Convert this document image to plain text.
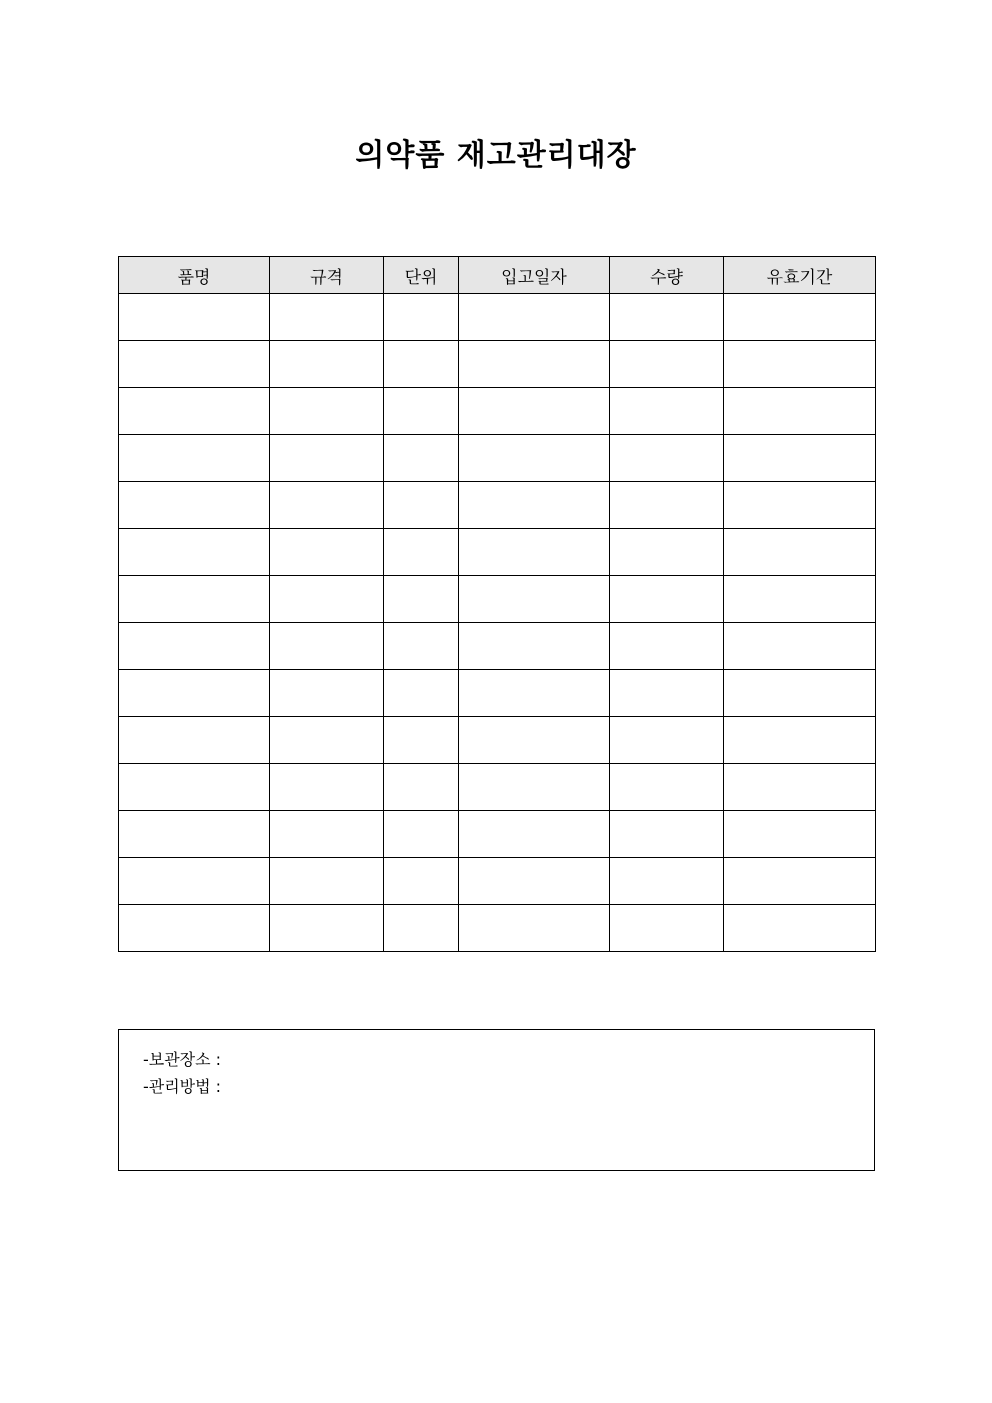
의약품 재고관리대장
품명	규격	단위	입고일자	수량	유효기간

-보관장소 :
-관리방법 :
